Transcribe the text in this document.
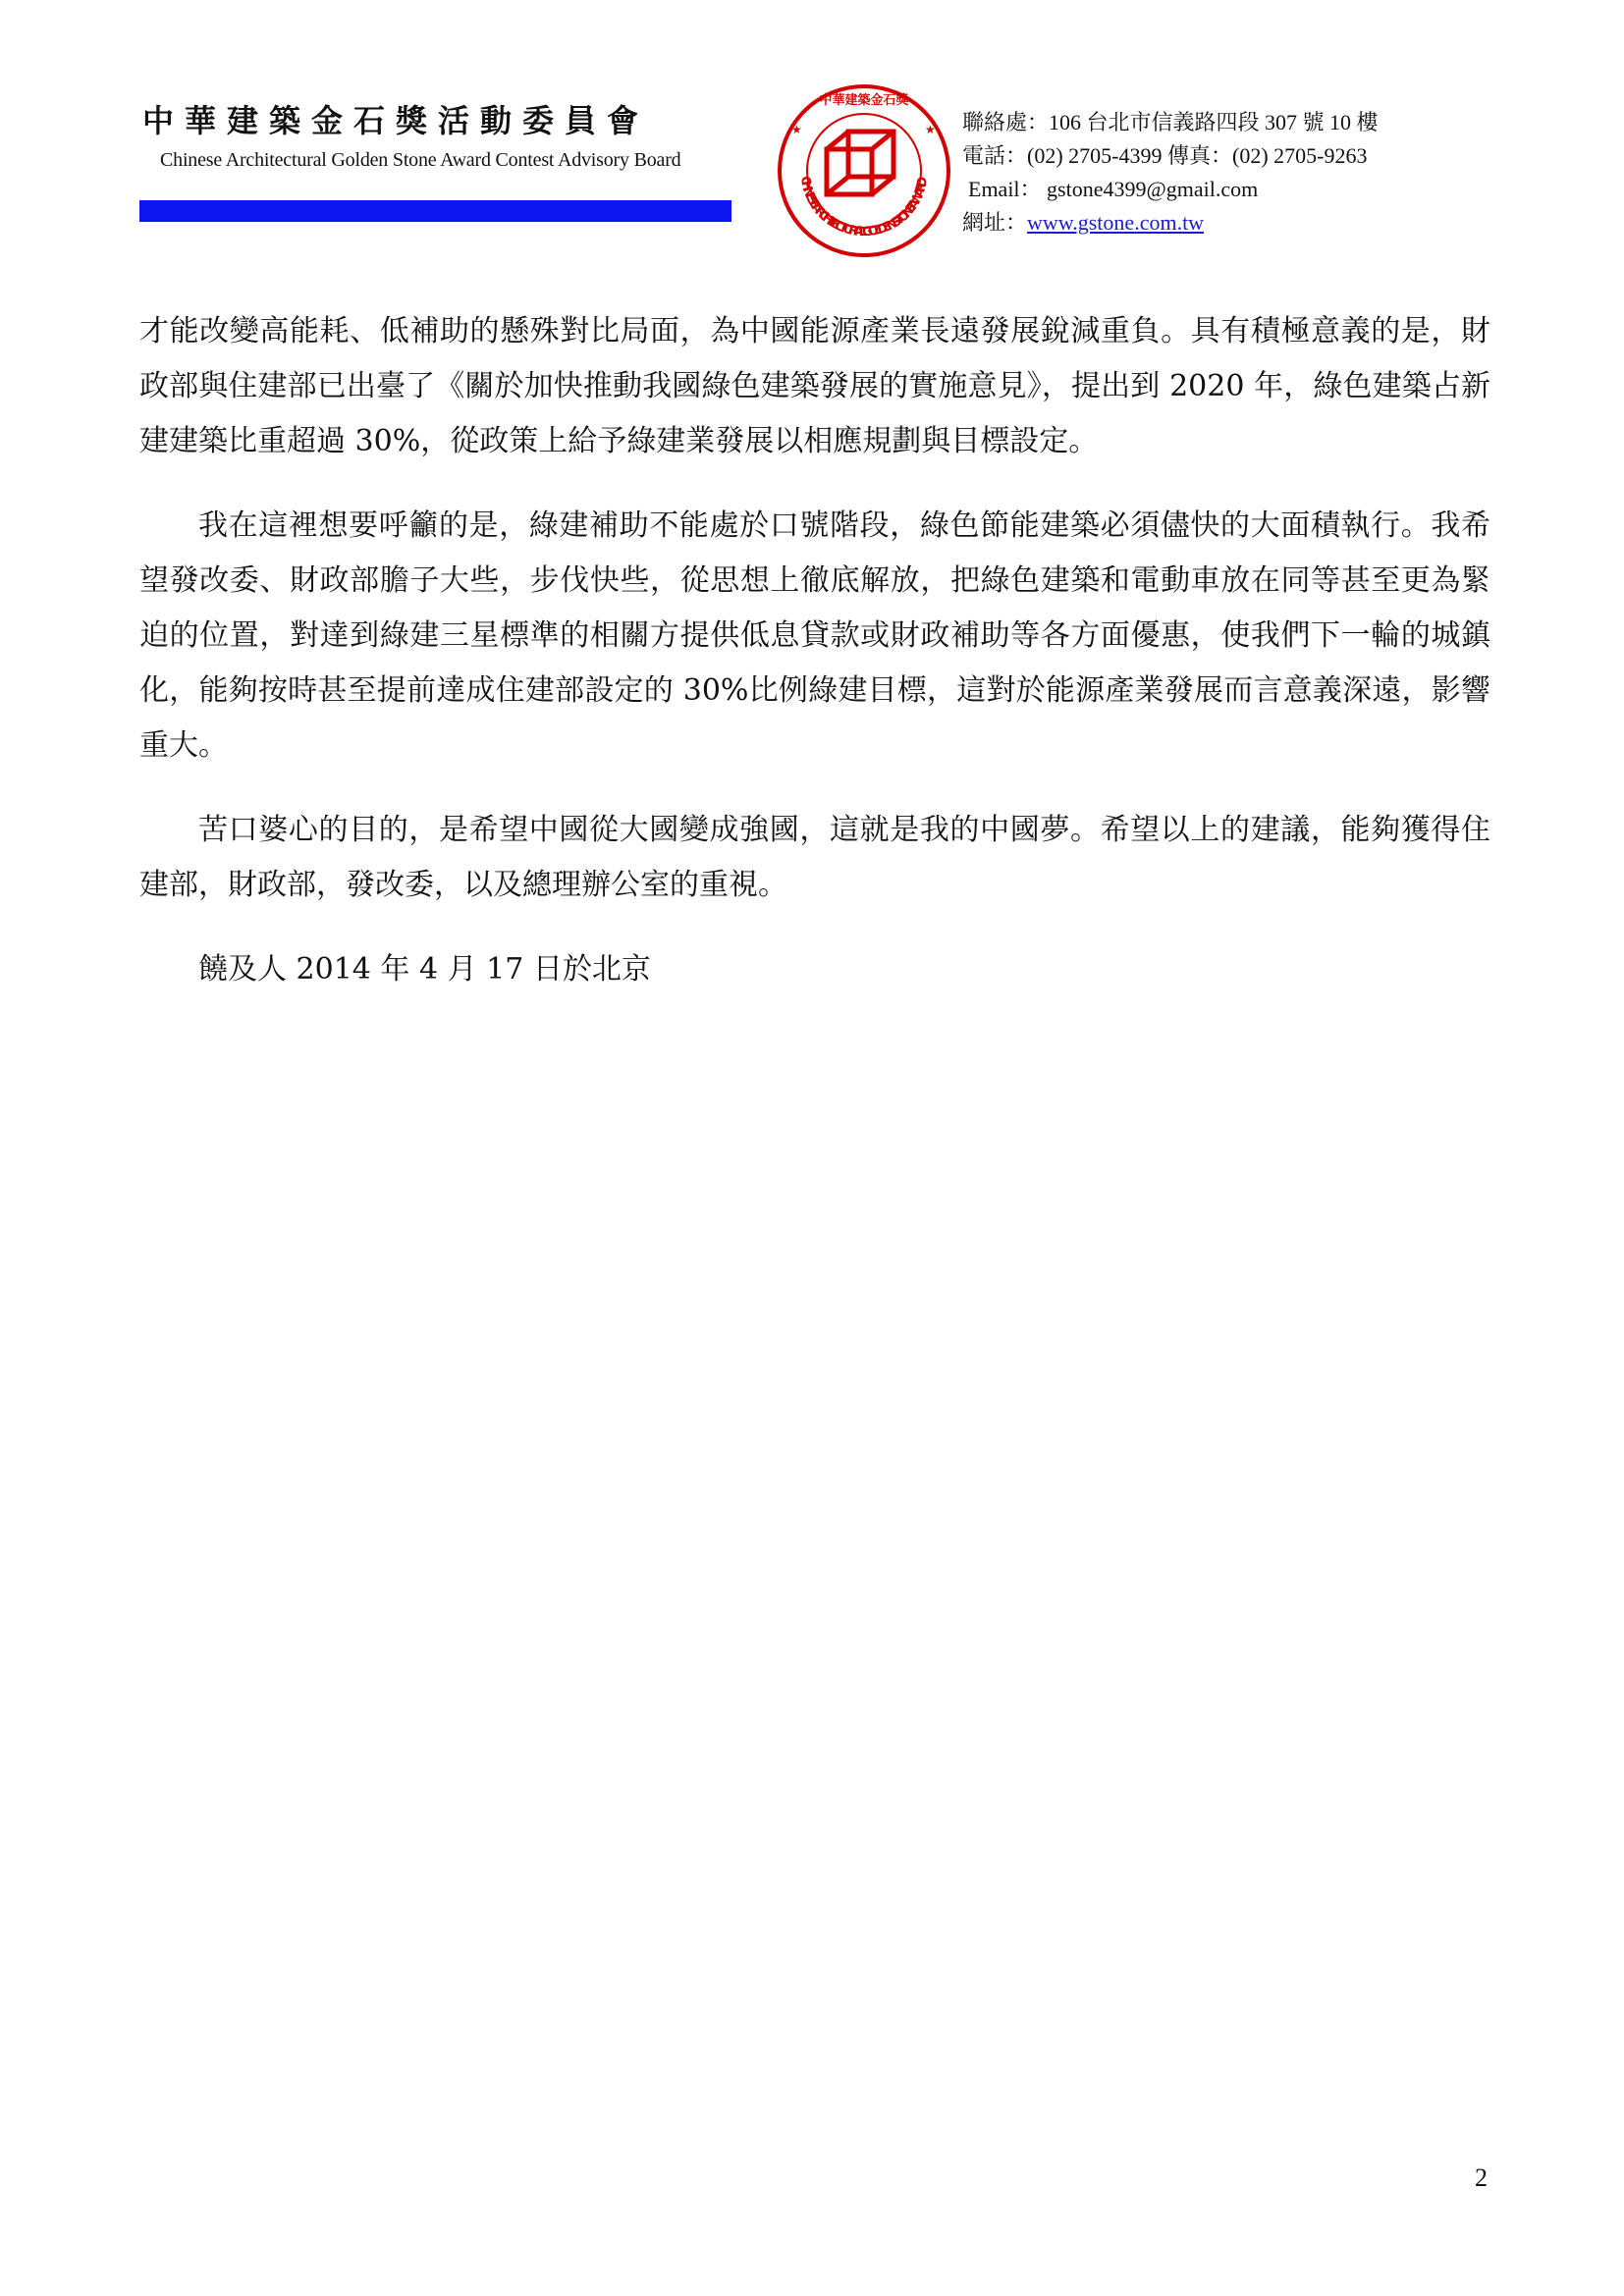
中華建築金石獎活動委員會
Chinese Architectural Golden Stone Award Contest Advisory Board
CHINESE ARCHITECTURAL GOLDEN STONE AWARD
中華建築金石獎
★	★ 聯絡處：106 台北市信義路四段 307 號 10 樓
電話：(02) 2705-4399 傳真：(02) 2705-9263
Email： gstone4399@gmail.com
網址：www.gstone.com.tw

才能改變高能耗、低補助的懸殊對比局面，為中國能源產業長遠發展銳減重負。具有積極意義的是，財政部與住建部已出臺了《關於加快推動我國綠色建築發展的實施意見》，提出到 2020 年，綠色建築占新建建築比重超過 30%，從政策上給予綠建業發展以相應規劃與目標設定。

我在這裡想要呼籲的是，綠建補助不能處於口號階段，綠色節能建築必須儘快的大面積執行。我希望發改委、財政部膽子大些，步伐快些，從思想上徹底解放，把綠色建築和電動車放在同等甚至更為緊迫的位置，對達到綠建三星標準的相關方提供低息貸款或財政補助等各方面優惠，使我們下一輪的城鎮化，能夠按時甚至提前達成住建部設定的 30%比例綠建目標，這對於能源產業發展而言意義深遠，影響重大。

苦口婆心的目的，是希望中國從大國變成強國，這就是我的中國夢。希望以上的建議，能夠獲得住建部，財政部，發改委，以及總理辦公室的重視。

饒及人 2014 年 4 月 17 日於北京

2
